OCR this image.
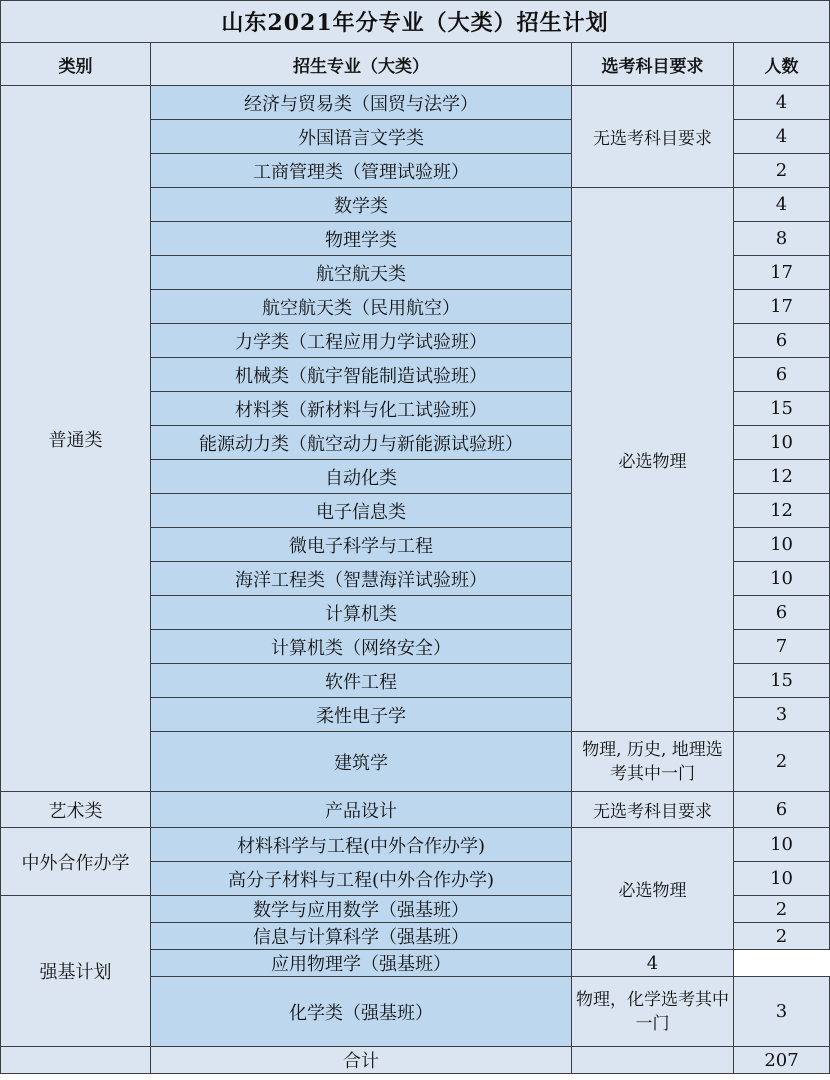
山东2021年分专业（大类）招生计划			
类别	招生专业（大类）	选考科目要求	人数
普通类	经济与贸易类（国贸与法学）	无选考科目要求	4
	外国语言文学类		4
	工商管理类（管理试验班）		2
	数学类	必选物理	4
	物理学类		8
	航空航天类		17
	航空航天类（民用航空）		17
	力学类（工程应用力学试验班）		6
	机械类（航宇智能制造试验班）		6
	材料类（新材料与化工试验班）		15
	能源动力类（航空动力与新能源试验班）		10
	自动化类		12
	电子信息类		12
	微电子科学与工程		10
	海洋工程类（智慧海洋试验班）		10
	计算机类		6
	计算机类（网络安全）		7
	软件工程		15
	柔性电子学		3
	建筑学	物理, 历史, 地理选考其中一门	2
艺术类	产品设计	无选考科目要求	6
中外合作办学	材料科学与工程(中外合作办学)	必选物理	10
	高分子材料与工程(中外合作办学)		10
强基计划	数学与应用数学（强基班）		2
	信息与计算科学（强基班）		2
	应用物理学（强基班）	4	
	化学类（强基班）	物理，化学选考其中一门	3
	合计		207
